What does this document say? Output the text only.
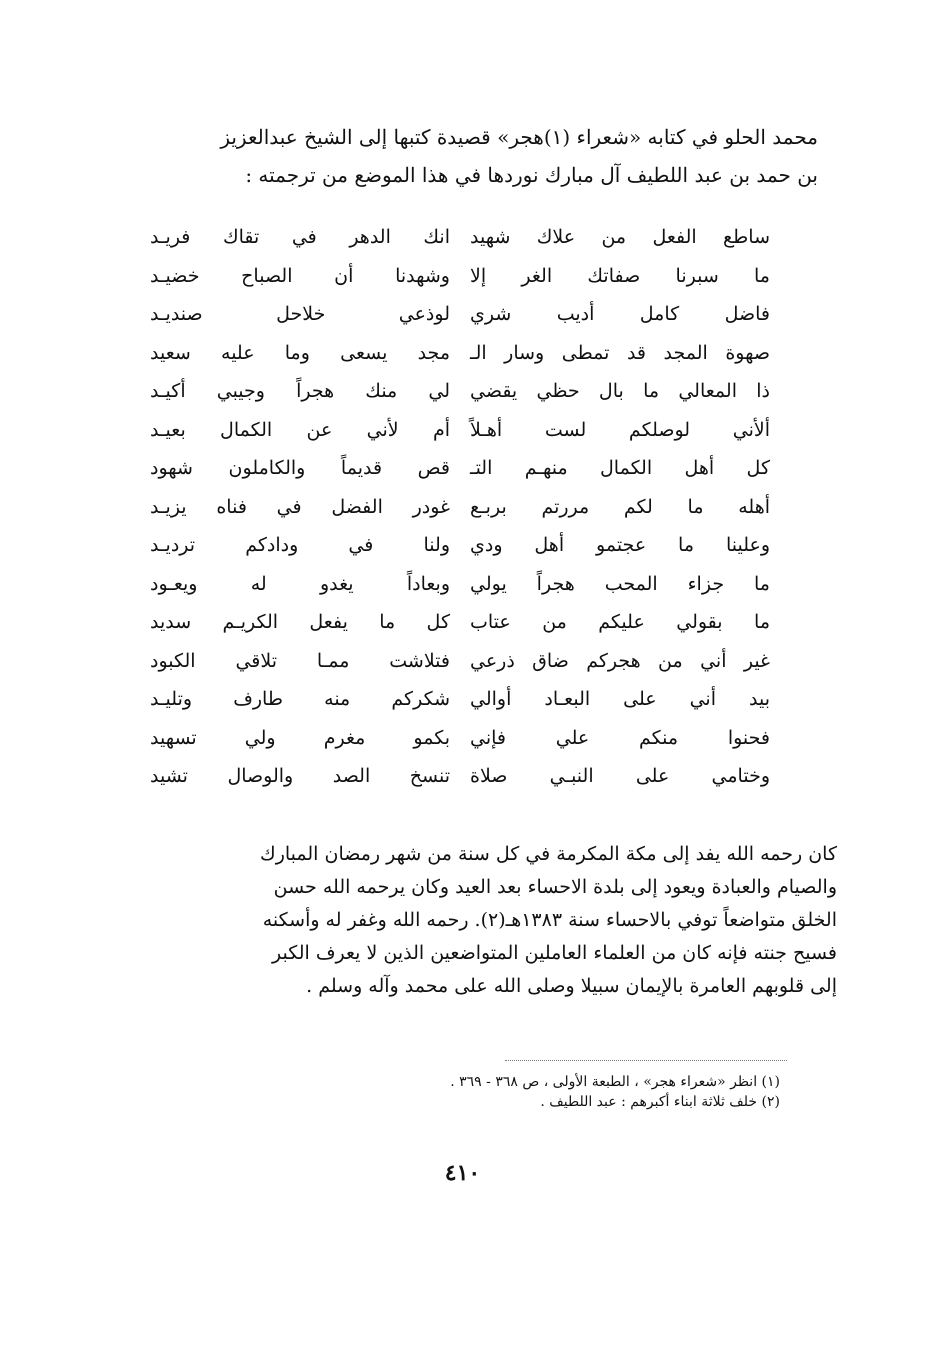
محمد الحلو في كتابه «شعراء (١)هجر» قصيدة كتبها إلى الشيخ عبدالعزيز

بن حمد بن عبد اللطيف آل مبارك نوردها في هذا الموضع من ترجمته :

ساطع الفعل من علاك شهيد
انك الدهر في تقاك فريـد
ما سبرنا صفاتك الغر إلا
وشهدنا أن الصباح خضيـد
فاضل كامل أديب شري
لوذعي خلاحل صنديـد
صهوة المجد قد تمطى وسار الـ
مجد يسعى وما عليه سعيد
ذا المعالي ما بال حظي يقضي
لي منك هجراً وجيبي أكيـد
ألأني لوصلكم لست أهـلاً
أم لأني عن الكمال بعيـد
كل أهل الكمال منهـم التـ
قص قديماً والكاملون شهود
أهله ما لكم مررتم بربـع
غودر الفضل في فناه يزيـد
وعلينا ما عجتمو أهل ودي
ولنا في ودادكم ترديـد
ما جزاء المحب هجراً يولي
وبعاداً يغدو له ويعـود
ما بقولي عليكم من عتاب
كل ما يفعل الكريـم سديد
غير أني من هجركم ضاق ذرعي
فتلاشت ممـا تلاقي الكبود
بيد أني على البعـاد أوالي
شكركم منه طارف وتليـد
فحنوا منكم علي فإني
بكمو مغرم ولي تسهيد
وختامي على النبـي صلاة
تنسخ الصد والوصال تشيد

كان رحمه الله يفد إلى مكة المكرمة في كل سنة من شهر رمضان المبارك

والصيام والعبادة ويعود إلى بلدة الاحساء بعد العيد وكان يرحمه الله حسن

الخلق متواضعاً توفي بالاحساء سنة ١٣٨٣هـ(٢). رحمه الله وغفر له وأسكنه

فسيح جنته فإنه كان من العلماء العاملين المتواضعين الذين لا يعرف الكبر

إلى قلوبهم العامرة بالإيمان سبيلا وصلى الله على محمد وآله وسلم .

(١) انظر «شعراء هجر» ، الطبعة الأولى ، ص ٣٦٨ - ٣٦٩ .

(٢) خلف ثلاثة ابناء أكبرهم : عبد اللطيف .

٤١٠
